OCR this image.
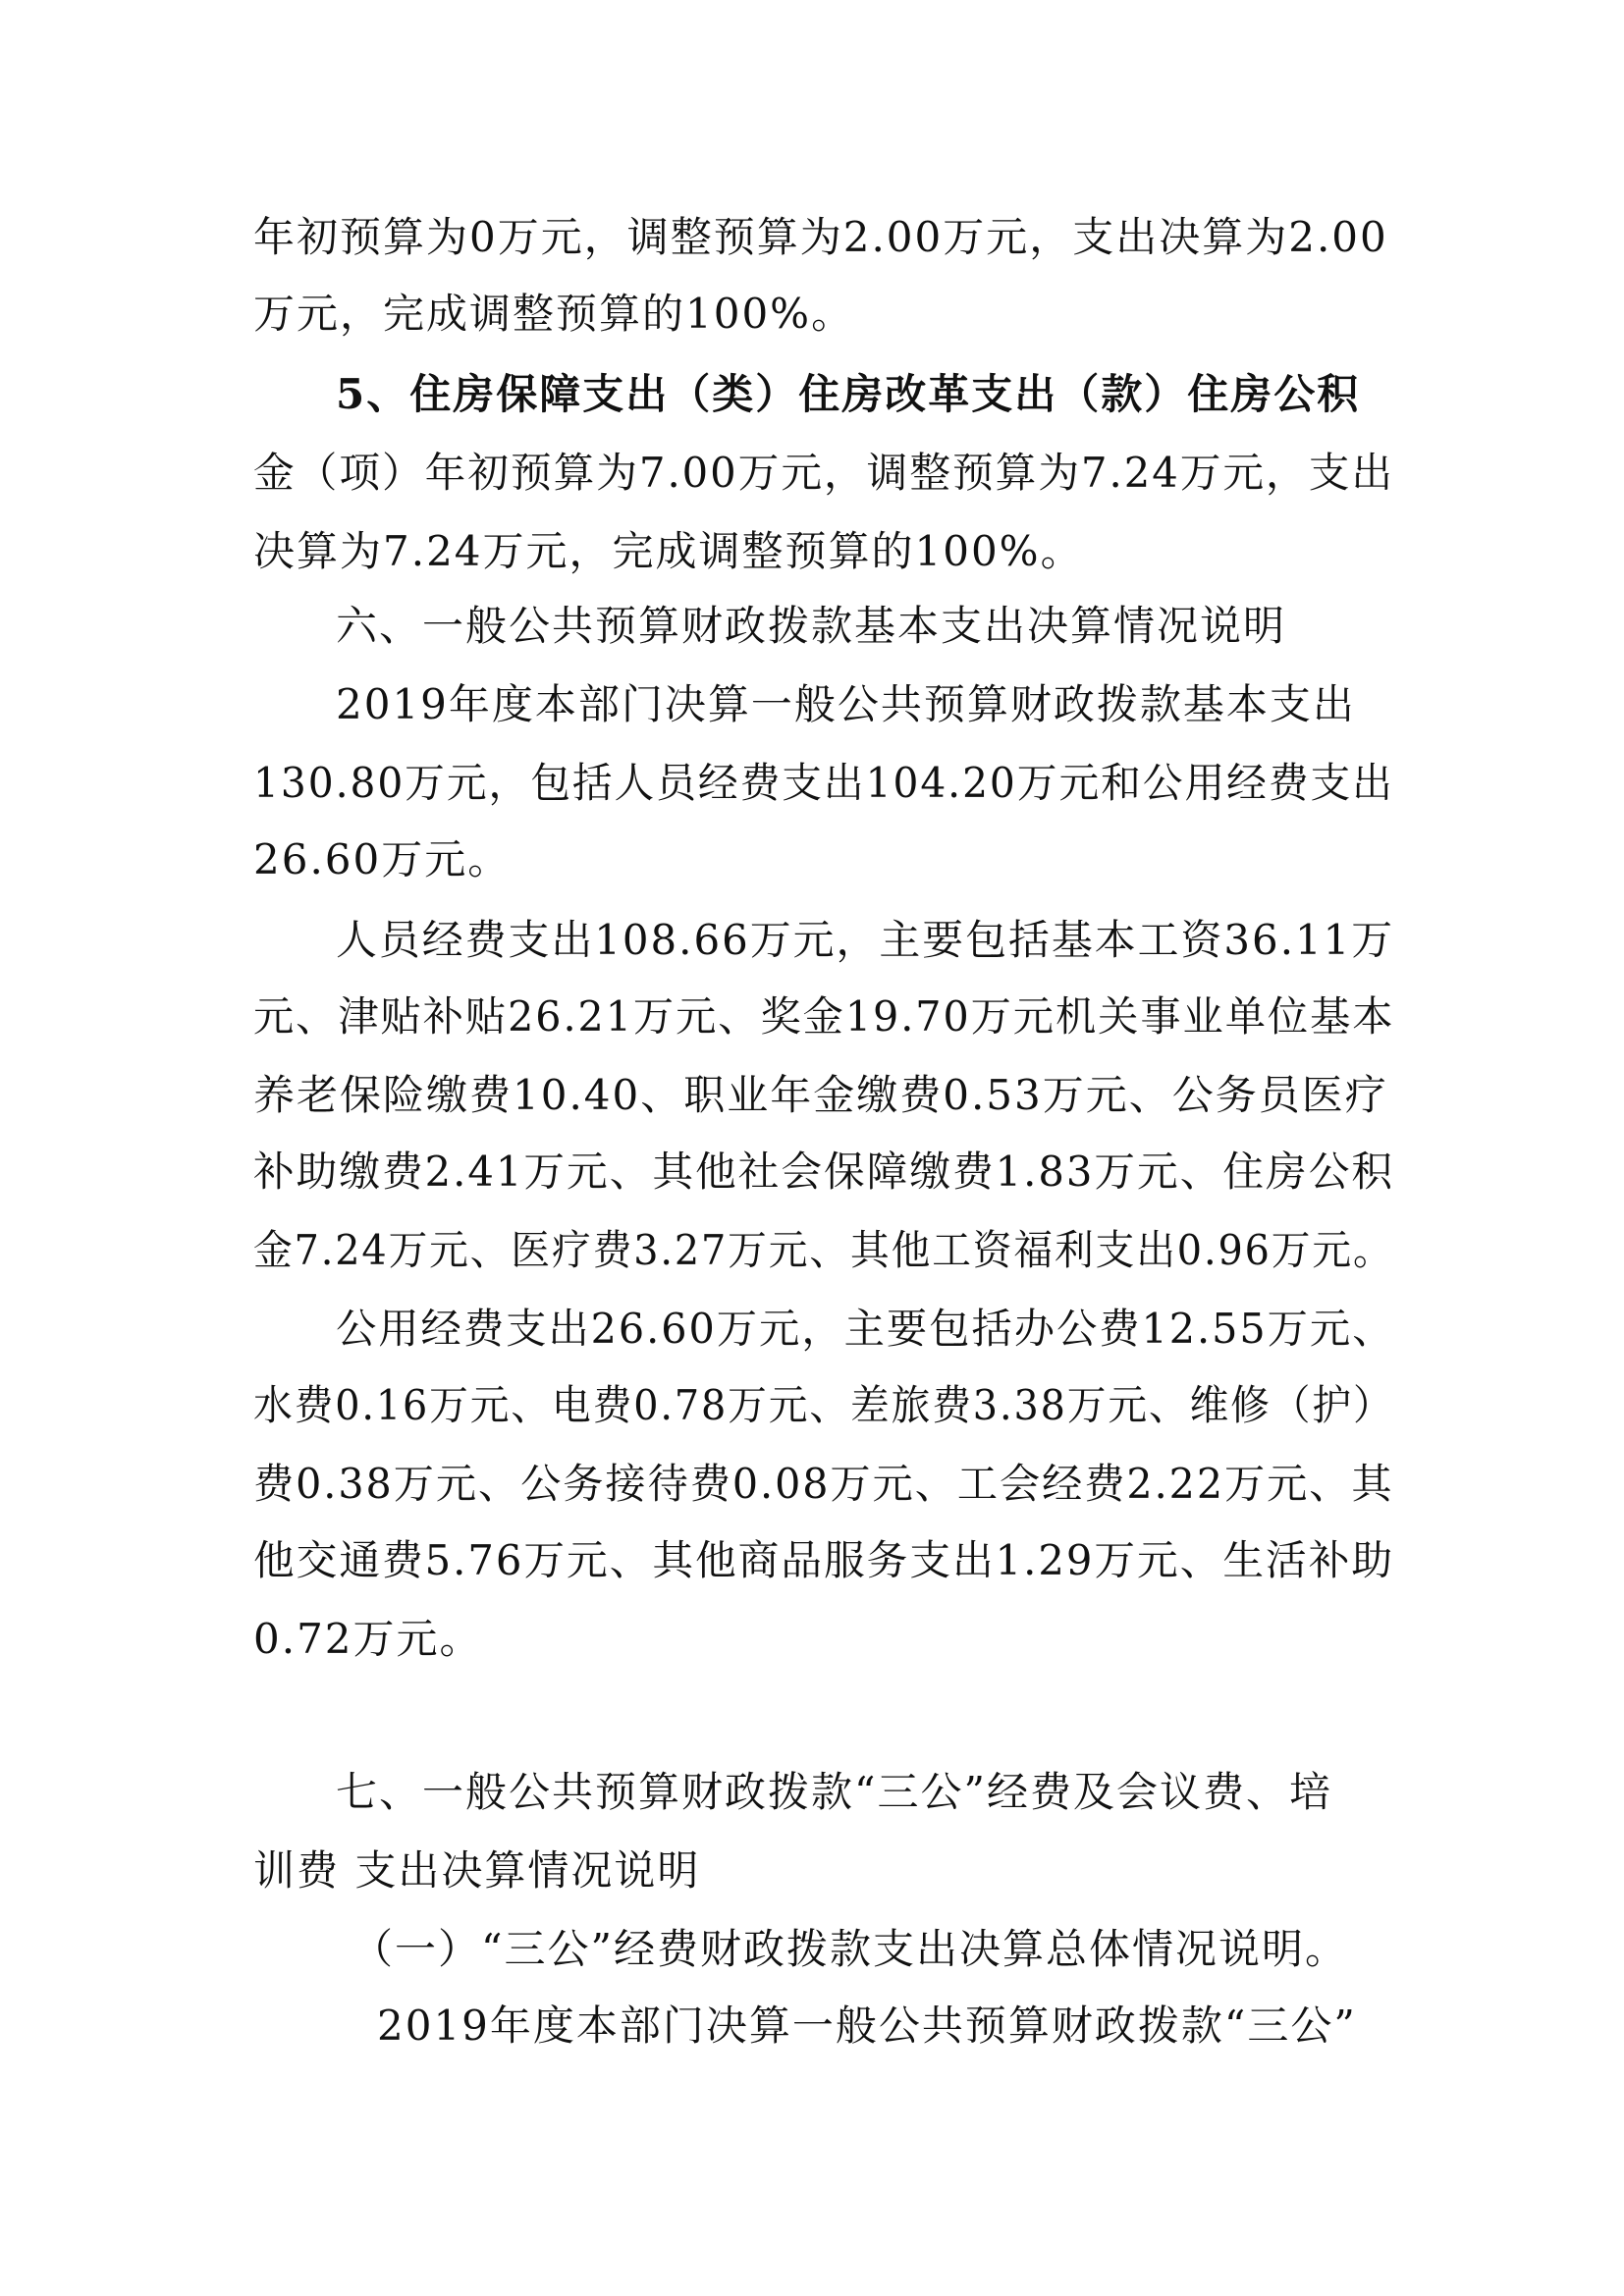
年初预算为0万元，调整预算为2.00万元，支出决算为2.00
万元，完成调整预算的100%。
5、住房保障支出（类）住房改革支出（款）住房公积
金（项）年初预算为7.00万元，调整预算为7.24万元，支出
决算为7.24万元，完成调整预算的100%。
六、一般公共预算财政拨款基本支出决算情况说明
2019年度本部门决算一般公共预算财政拨款基本支出
130.80万元，包括人员经费支出104.20万元和公用经费支出
26.60万元。
人员经费支出108.66万元，主要包括基本工资36.11万
元、津贴补贴26.21万元、奖金19.70万元机关事业单位基本
养老保险缴费10.40、职业年金缴费0.53万元、公务员医疗
补助缴费2.41万元、其他社会保障缴费1.83万元、住房公积
金7.24万元、医疗费3.27万元、其他工资福利支出0.96万元。
公用经费支出26.60万元，主要包括办公费12.55万元、
水费0.16万元、电费0.78万元、差旅费3.38万元、维修（护）
费0.38万元、公务接待费0.08万元、工会经费2.22万元、其
他交通费5.76万元、其他商品服务支出1.29万元、生活补助
0.72万元。
七、一般公共预算财政拨款“三公”经费及会议费、培
训费 支出决算情况说明
（一）“三公”经费财政拨款支出决算总体情况说明。
2019年度本部门决算一般公共预算财政拨款“三公”
